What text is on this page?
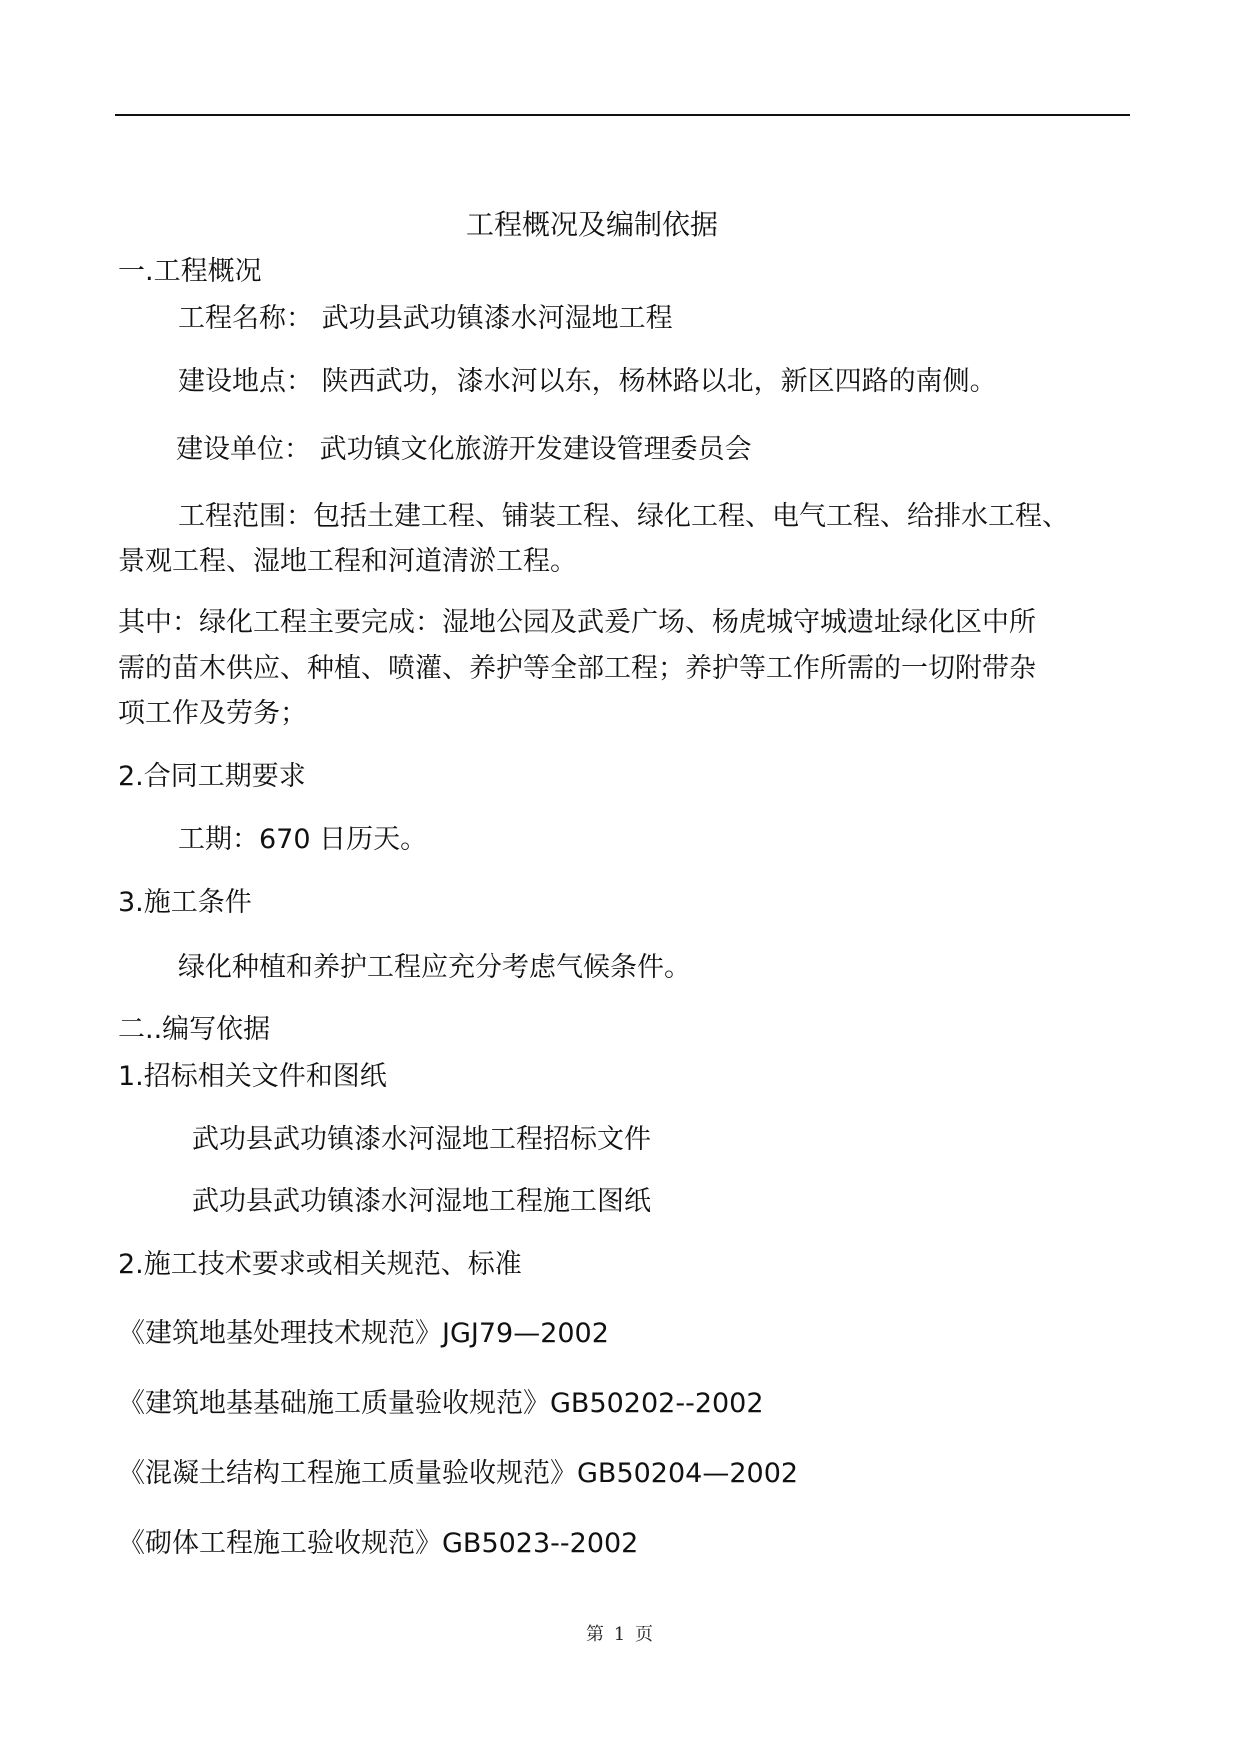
工程概况及编制依据
一.工程概况
工程名称： 武功县武功镇漆水河湿地工程
建设地点： 陕西武功，漆水河以东，杨林路以北，新区四路的南侧。
建设单位： 武功镇文化旅游开发建设管理委员会
工程范围：包括土建工程、铺装工程、绿化工程、电气工程、给排水工程、
景观工程、湿地工程和河道清淤工程。
其中：绿化工程主要完成：湿地公园及武爰广场、杨虎城守城遗址绿化区中所
需的苗木供应、种植、喷灌、养护等全部工程；养护等工作所需的一切附带杂
项工作及劳务；
2.合同工期要求
工期：670 日历天。
3.施工条件
绿化种植和养护工程应充分考虑气候条件。
二..编写依据
1.招标相关文件和图纸
武功县武功镇漆水河湿地工程招标文件
武功县武功镇漆水河湿地工程施工图纸
2.施工技术要求或相关规范、标准
《建筑地基处理技术规范》JGJ79—2002
《建筑地基基础施工质量验收规范》GB50202--2002
《混凝土结构工程施工质量验收规范》GB50204—2002
《砌体工程施工验收规范》GB5023--2002
第 1 页
